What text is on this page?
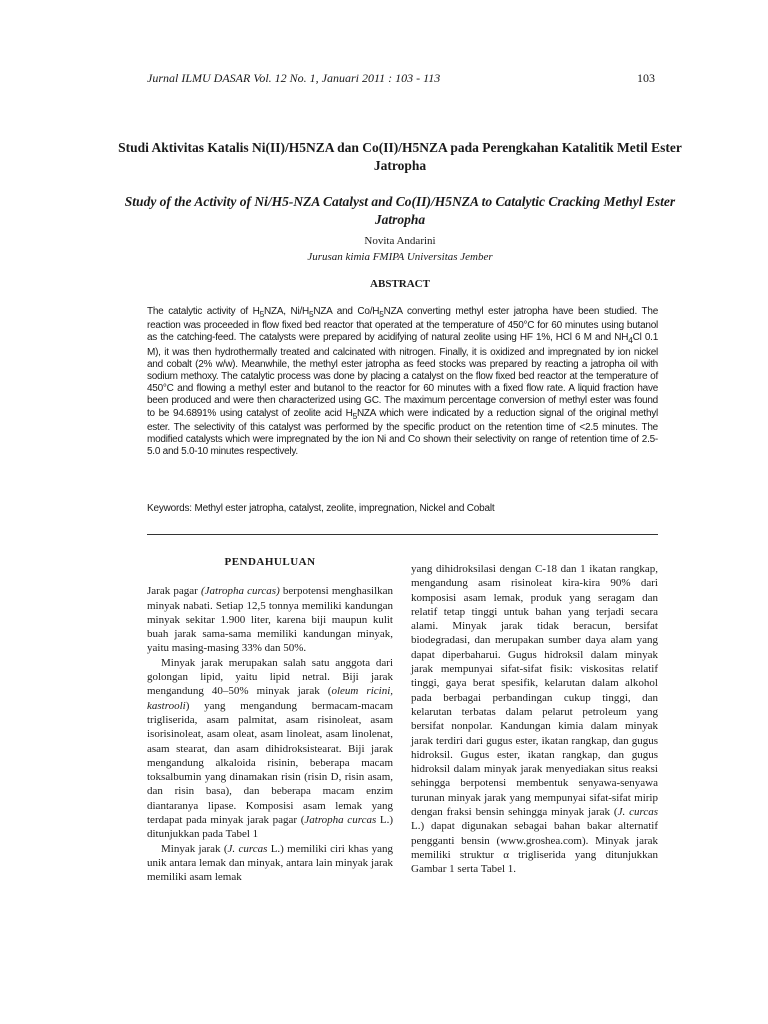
Jurnal ILMU DASAR Vol. 12 No. 1, Januari 2011 : 103 - 113	103
Studi Aktivitas Katalis Ni(II)/H5NZA dan Co(II)/H5NZA pada Perengkahan Katalitik Metil Ester Jatropha
Study of the Activity of Ni/H5-NZA Catalyst and Co(II)/H5NZA to Catalytic Cracking Methyl Ester Jatropha
Novita Andarini
Jurusan kimia FMIPA Universitas Jember
ABSTRACT
The catalytic activity of $H_5NZA$, $Ni/H_5NZA$ and $Co/H_5NZA$ converting methyl ester jatropha have been studied. The reaction was proceeded in flow fixed bed reactor that operated at the temperature of 450°C for 60 minutes using butanol as the catching-feed. The catalysts were prepared by acidifying of natural zeolite using HF 1%, HCl 6 M and $NH_4Cl$ 0.1 M), it was then hydrothermally treated and calcinated with nitrogen. Finally, it is oxidized and impregnated by ion nickel and cobalt (2% w/w). Meanwhile, the methyl ester jatropha as feed stocks was prepared by reacting a jatropha oil with sodium methoxy. The catalytic process was done by placing a catalyst on the flow fixed bed reactor at the temperature of 450°C and flowing a methyl ester and butanol to the reactor for 60 minutes with a fixed flow rate. A liquid fraction have been produced and were then characterized using GC. The maximum percentage conversion of methyl ester was found to be 94.6891% using catalyst of zeolite acid $H_5NZA$ which were indicated by a reduction signal of the original methyl ester. The selectivity of this catalyst was performed by the specific product on the retention time of <2.5 minutes. The modified catalysts which were impregnated by the ion Ni and Co shown their selectivity on range of retention time of 2.5-5.0 and 5.0-10 minutes respectively.
Keywords: Methyl ester jatropha, catalyst, zeolite, impregnation, Nickel and Cobalt
PENDAHULUAN

Jarak pagar (Jatropha curcas) berpotensi menghasilkan minyak nabati. Setiap 12,5 tonnya memiliki kandungan minyak sekitar 1.900 liter, karena biji maupun kulit buah jarak sama-sama memiliki kandungan minyak, yaitu masing-masing 33% dan 50%.

Minyak jarak merupakan salah satu anggota dari golongan lipid, yaitu lipid netral. Biji jarak mengandung 40–50% minyak jarak (oleum ricini, kastrooli) yang mengandung bermacam-macam trigliserida, asam palmitat, asam risinoleat, asam isorisinoleat, asam oleat, asam linoleat, asam linolenat, asam stearat, dan asam dihidroksistearat. Biji jarak mengandung alkaloida risinin, beberapa macam toksalbumin yang dinamakan risin (risin D, risin asam, dan risin basa), dan beberapa macam enzim diantaranya lipase. Komposisi asam lemak yang terdapat pada minyak jarak pagar (Jatropha curcas L.) ditunjukkan pada Tabel 1

Minyak jarak (J. curcas L.) memiliki ciri khas yang unik antara lemak dan minyak, antara lain minyak jarak memiliki asam lemak

yang dihidroksilasi dengan C-18 dan 1 ikatan rangkap, mengandung asam risinoleat kira-kira 90% dari komposisi asam lemak, produk yang seragam dan relatif tetap tinggi untuk bahan yang terjadi secara alami. Minyak jarak tidak beracun, bersifat biodegradasi, dan merupakan sumber daya alam yang dapat diperbaharui. Gugus hidroksil dalam minyak jarak mempunyai sifat-sifat fisik: viskositas relatif tinggi, gaya berat spesifik, kelarutan dalam alkohol pada berbagai perbandingan cukup tinggi, dan kelarutan terbatas dalam pelarut petroleum yang bersifat nonpolar. Kandungan kimia dalam minyak jarak terdiri dari gugus ester, ikatan rangkap, dan gugus hidroksil. Gugus ester, ikatan rangkap, dan gugus hidroksil dalam minyak jarak menyediakan situs reaksi sehingga berpotensi membentuk senyawa-senyawa turunan minyak jarak yang mempunyai sifat-sifat mirip dengan fraksi bensin sehingga minyak jarak (J. curcas L.) dapat digunakan sebagai bahan bakar alternatif pengganti bensin (www.groshea.com). Minyak jarak memiliki struktur α trigliserida yang ditunjukkan Gambar 1 serta Tabel 1.
